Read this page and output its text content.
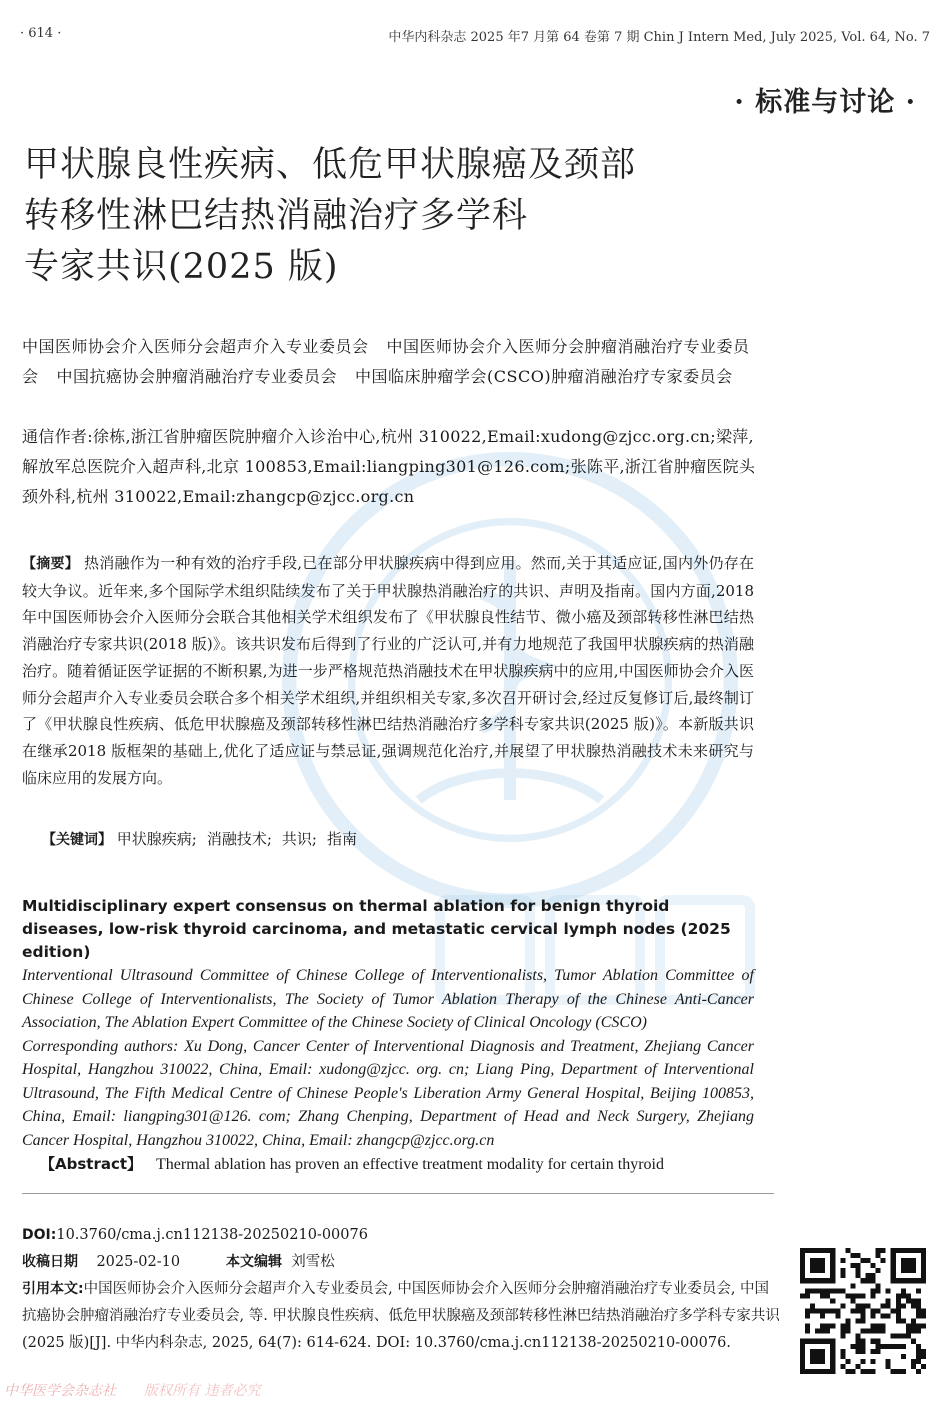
· 614 ·	中华内科杂志 2025 年7 月第 64 卷第 7 期 Chin J Intern Med, July 2025, Vol. 64, No. 7
· 标准与讨论 ·
甲状腺良性疾病、低危甲状腺癌及颈部
转移性淋巴结热消融治疗多学科
专家共识(2025 版)
中国医师协会介入医师分会超声介入专业委员会 中国医师协会介入医师分会肿瘤消融治疗专业委员会 中国抗癌协会肿瘤消融治疗专业委员会 中国临床肿瘤学会(CSCO)肿瘤消融治疗专家委员会
通信作者:徐栋,浙江省肿瘤医院肿瘤介入诊治中心,杭州 310022,Email:xudong@zjcc.org.cn;梁萍,解放军总医院介入超声科,北京 100853,Email:liangping301@126.com;张陈平,浙江省肿瘤医院头颈外科,杭州 310022,Email:zhangcp@zjcc.org.cn
【摘要】 热消融作为一种有效的治疗手段,已在部分甲状腺疾病中得到应用。然而,关于其适应证,国内外仍存在较大争议。近年来,多个国际学术组织陆续发布了关于甲状腺热消融治疗的共识、声明及指南。国内方面,2018年中国医师协会介入医师分会联合其他相关学术组织发布了《甲状腺良性结节、微小癌及颈部转移性淋巴结热消融治疗专家共识(2018 版)》。该共识发布后得到了行业的广泛认可,并有力地规范了我国甲状腺疾病的热消融治疗。随着循证医学证据的不断积累,为进一步严格规范热消融技术在甲状腺疾病中的应用,中国医师协会介入医师分会超声介入专业委员会联合多个相关学术组织,并组织相关专家,多次召开研讨会,经过反复修订后,最终制订了《甲状腺良性疾病、低危甲状腺癌及颈部转移性淋巴结热消融治疗多学科专家共识(2025 版)》。本新版共识在继承2018 版框架的基础上,优化了适应证与禁忌证,强调规范化治疗,并展望了甲状腺热消融技术未来研究与临床应用的发展方向。
【关键词】 甲状腺疾病; 消融技术; 共识; 指南
Multidisciplinary expert consensus on thermal ablation for benign thyroid diseases, low-risk thyroid carcinoma, and metastatic cervical lymph nodes (2025 edition)
Interventional Ultrasound Committee of Chinese College of Interventionalists, Tumor Ablation Committee of Chinese College of Interventionalists, The Society of Tumor Ablation Therapy of the Chinese Anti-Cancer Association, The Ablation Expert Committee of the Chinese Society of Clinical Oncology (CSCO)
Corresponding authors: Xu Dong, Cancer Center of Interventional Diagnosis and Treatment, Zhejiang Cancer Hospital, Hangzhou 310022, China, Email: xudong@zjcc. org. cn; Liang Ping, Department of Interventional Ultrasound, The Fifth Medical Centre of Chinese People's Liberation Army General Hospital, Beijing 100853, China, Email: liangping301@126. com; Zhang Chenping, Department of Head and Neck Surgery, Zhejiang Cancer Hospital, Hangzhou 310022, China, Email: zhangcp@zjcc.org.cn
【Abstract】 Thermal ablation has proven an effective treatment modality for certain thyroid
DOI:10.3760/cma.j.cn112138-20250210-00076
收稿日期 2025-02-10	本文编辑 刘雪松
引用本文:中国医师协会介入医师分会超声介入专业委员会, 中国医师协会介入医师分会肿瘤消融治疗专业委员会, 中国抗癌协会肿瘤消融治疗专业委员会, 等. 甲状腺良性疾病、低危甲状腺癌及颈部转移性淋巴结热消融治疗多学科专家共识(2025 版)[J]. 中华内科杂志, 2025, 64(7): 614-624. DOI: 10.3760/cma.j.cn112138-20250210-00076.
中华医学会杂志社 版权所有 违者必究
